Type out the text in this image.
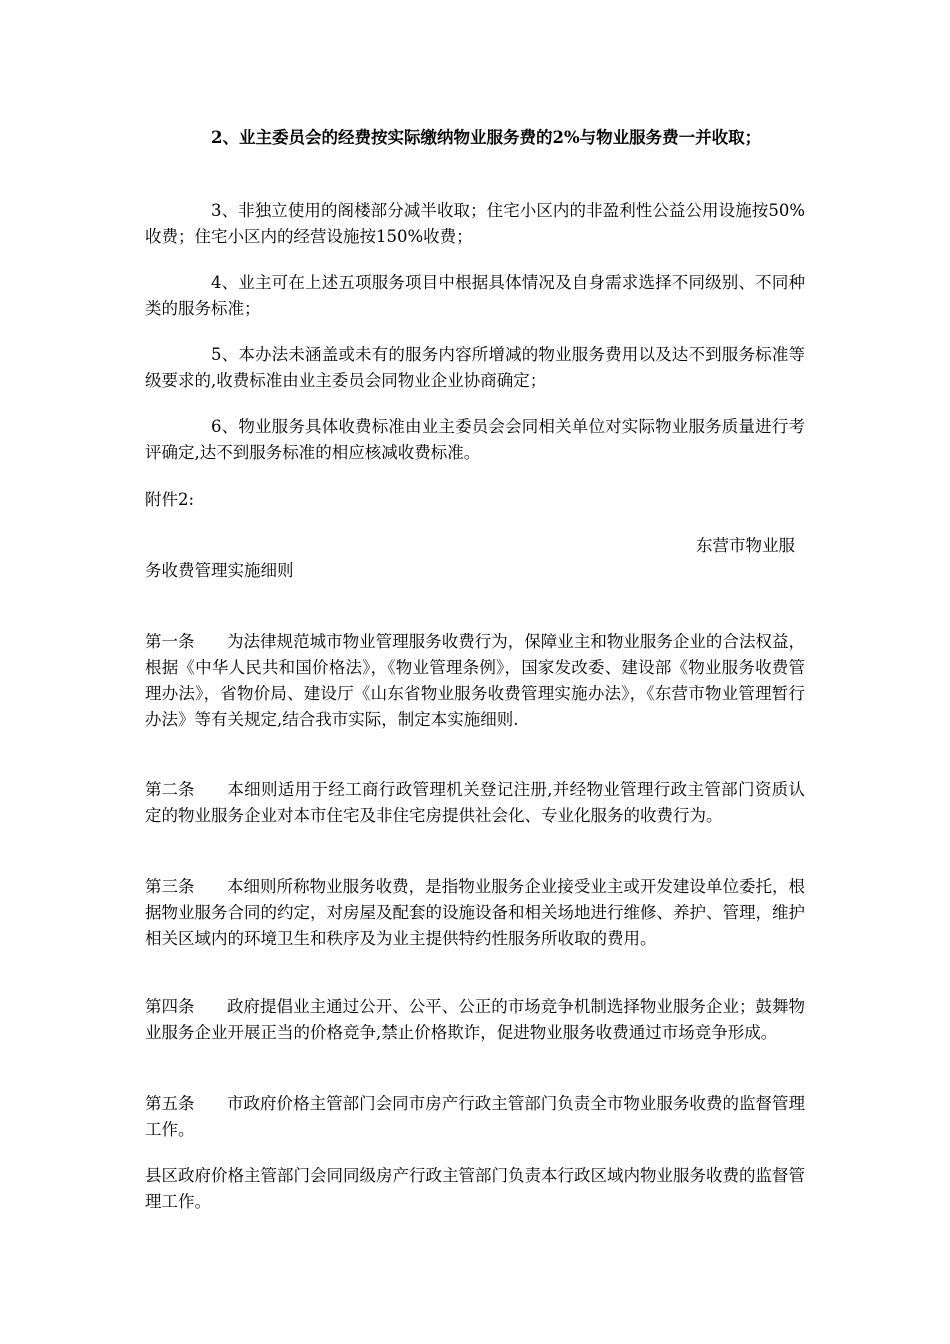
2、业主委员会的经费按实际缴纳物业服务费的2%与物业服务费一并收取；

3、非独立使用的阁楼部分减半收取；住宅小区内的非盈利性公益公用设施按50%收费；住宅小区内的经营设施按150%收费；

4、业主可在上述五项服务项目中根据具体情况及自身需求选择不同级别、不同种类的服务标准；

5、本办法未涵盖或未有的服务内容所增减的物业服务费用以及达不到服务标准等级要求的,收费标准由业主委员会同物业企业协商确定；

6、物业服务具体收费标准由业主委员会会同相关单位对实际物业服务质量进行考评确定,达不到服务标准的相应核减收费标准。

附件2:

东营市物业服

务收费管理实施细则

第一条 为法律规范城市物业管理服务收费行为，保障业主和物业服务企业的合法权益，根据《中华人民共和国价格法》，《物业管理条例》，国家发改委、建设部《物业服务收费管理办法》，省物价局、建设厅《山东省物业服务收费管理实施办法》，《东营市物业管理暂行办法》等有关规定,结合我市实际，制定本实施细则.

第二条 本细则适用于经工商行政管理机关登记注册,并经物业管理行政主管部门资质认定的物业服务企业对本市住宅及非住宅房提供社会化、专业化服务的收费行为。

第三条 本细则所称物业服务收费，是指物业服务企业接受业主或开发建设单位委托，根据物业服务合同的约定，对房屋及配套的设施设备和相关场地进行维修、养护、管理，维护相关区域内的环境卫生和秩序及为业主提供特约性服务所收取的费用。

第四条 政府提倡业主通过公开、公平、公正的市场竞争机制选择物业服务企业；鼓舞物业服务企业开展正当的价格竞争,禁止价格欺诈，促进物业服务收费通过市场竞争形成。

第五条 市政府价格主管部门会同市房产行政主管部门负责全市物业服务收费的监督管理工作。

县区政府价格主管部门会同同级房产行政主管部门负责本行政区域内物业服务收费的监督管理工作。
